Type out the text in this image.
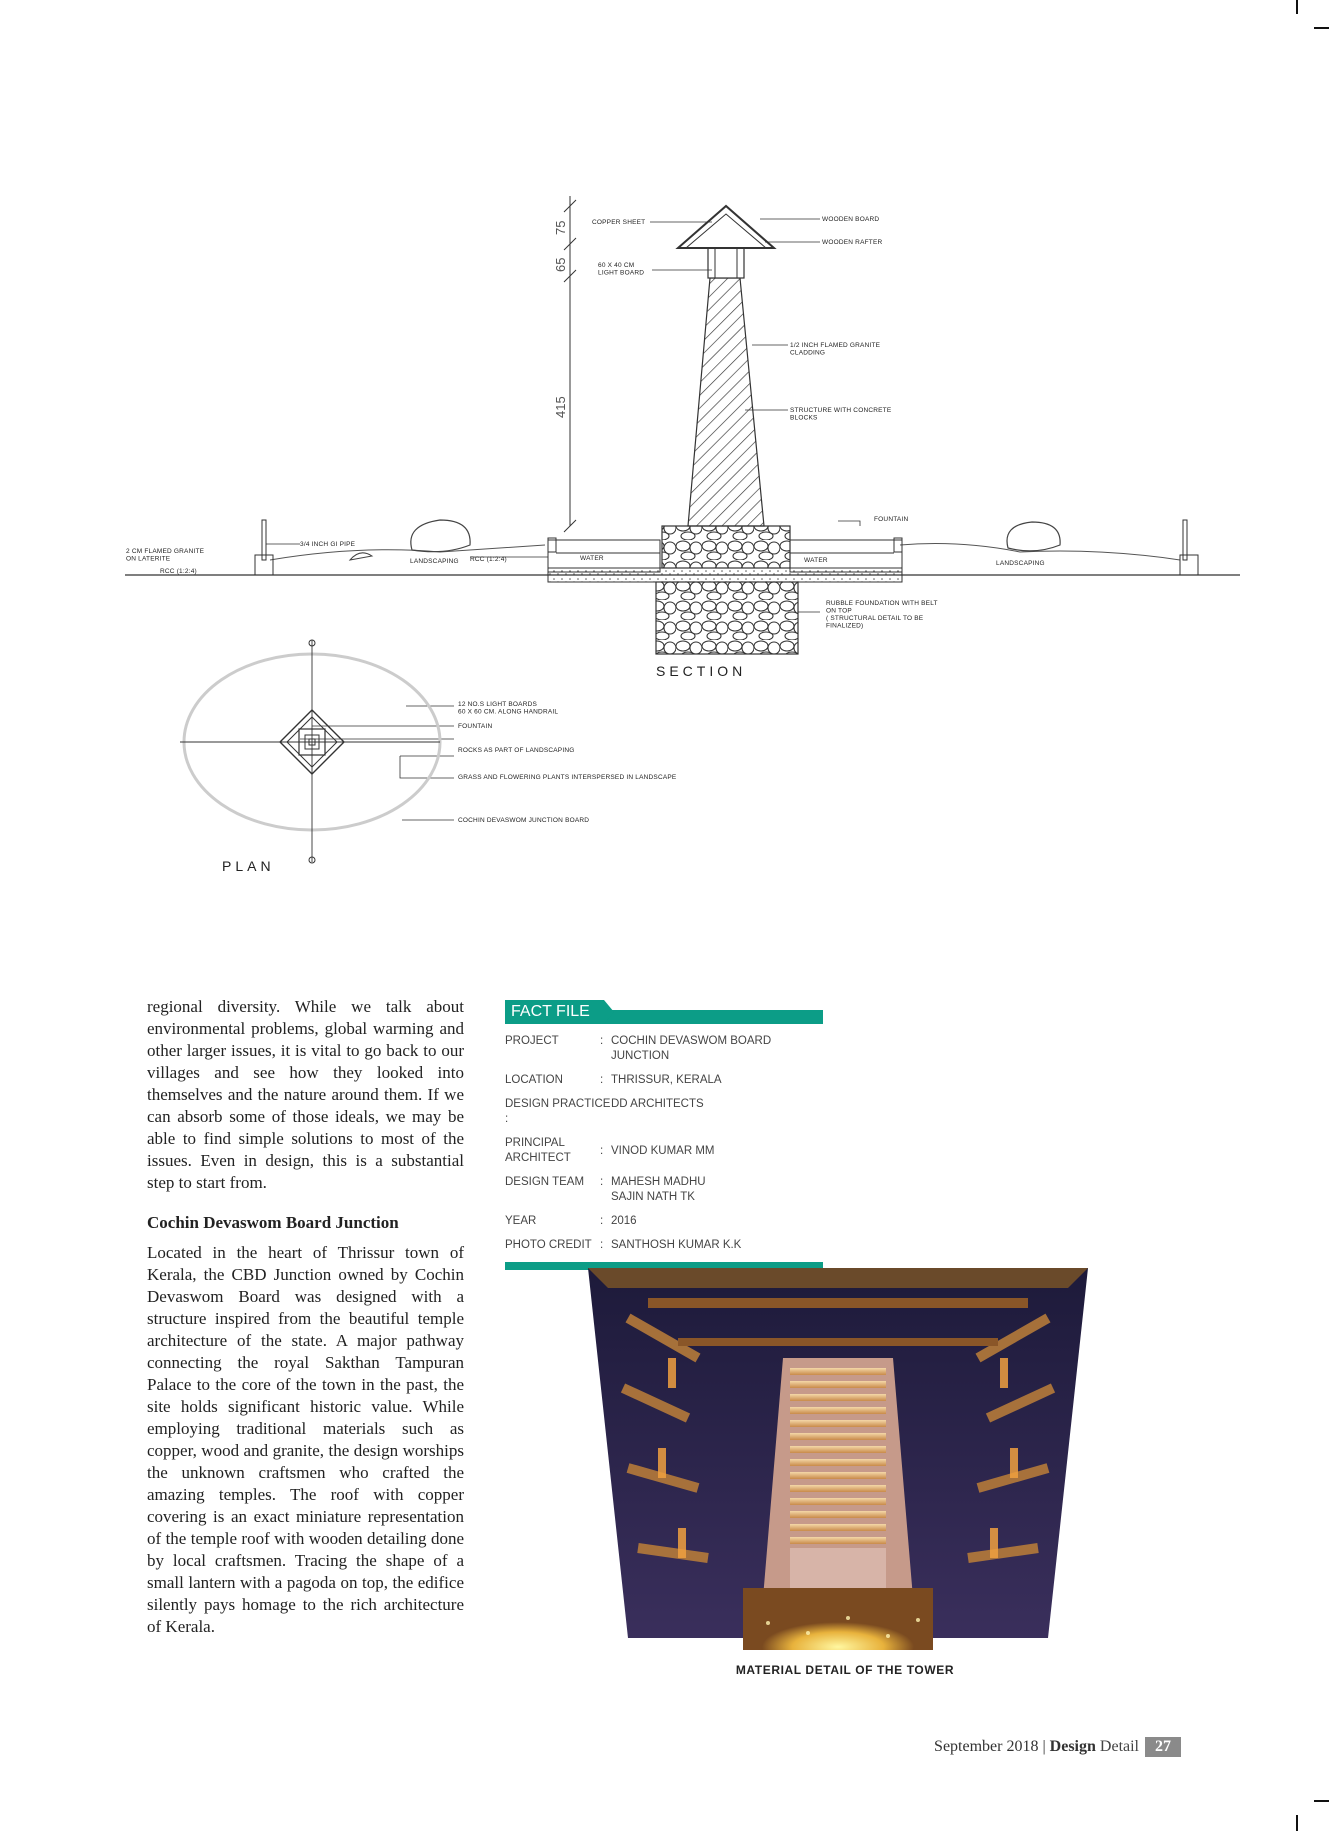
75
65
415
COPPER SHEET
60 X 40 CM LIGHT BOARD
WOODEN BOARD
WOODEN RAFTER
1/2 INCH FLAMED GRANITE CLADDING
STRUCTURE WITH CONCRETE BLOCKS
FOUNTAIN
3/4 INCH GI PIPE
2 CM FLAMED GRANITE ON LATERITE
RCC (1:2:4)
LANDSCAPING RCC (1:2:4)	WATER	WATER	LANDSCAPING
RUBBLE FOUNDATION WITH BELT ON TOP ( STRUCTURAL DETAIL TO BE FINALIZED)
SECTION
12 NO.S LIGHT BOARDS 60 X 60 CM. ALONG HANDRAIL
FOUNTAIN
ROCKS AS PART OF LANDSCAPING
GRASS AND FLOWERING PLANTS INTERSPERSED IN LANDSCAPE
COCHIN DEVASWOM JUNCTION BOARD
PLAN

regional diversity. While we talk about environmental problems, global warming and other larger issues, it is vital to go back to our villages and see how they looked into themselves and the nature around them. If we can absorb some of those ideals, we may be able to find simple solutions to most of the issues. Even in design, this is a substantial step to start from.

Cochin Devaswom Board Junction

Located in the heart of Thrissur town of Kerala, the CBD Junction owned by Cochin Devaswom Board was designed with a structure inspired from the beautiful temple architecture of the state. A major pathway connecting the royal Sakthan Tampuran Palace to the core of the town in the past, the site holds significant historic value. While employing traditional materials such as copper, wood and granite, the design worships the unknown craftsmen who crafted the amazing temples. The roof with copper covering is an exact miniature representation of the temple roof with wooden detailing done by local craftsmen. Tracing the shape of a small lantern with a pagoda on top, the edifice silently pays homage to the rich architecture of Kerala.

FACT FILE
PROJECT	: COCHIN DEVASWOM BOARD JUNCTION
LOCATION	: THRISSUR, KERALA
DESIGN PRACTICE :
DD ARCHITECTS
PRINCIPAL ARCHITECT
: VINOD KUMAR MM
DESIGN TEAM	: MAHESH MADHU
SAJIN NATH TK
YEAR	: 2016
PHOTO CREDIT : SANTHOSH KUMAR K.K
MATERIAL DETAIL OF THE TOWER
September 2018 | Design Detail	27
